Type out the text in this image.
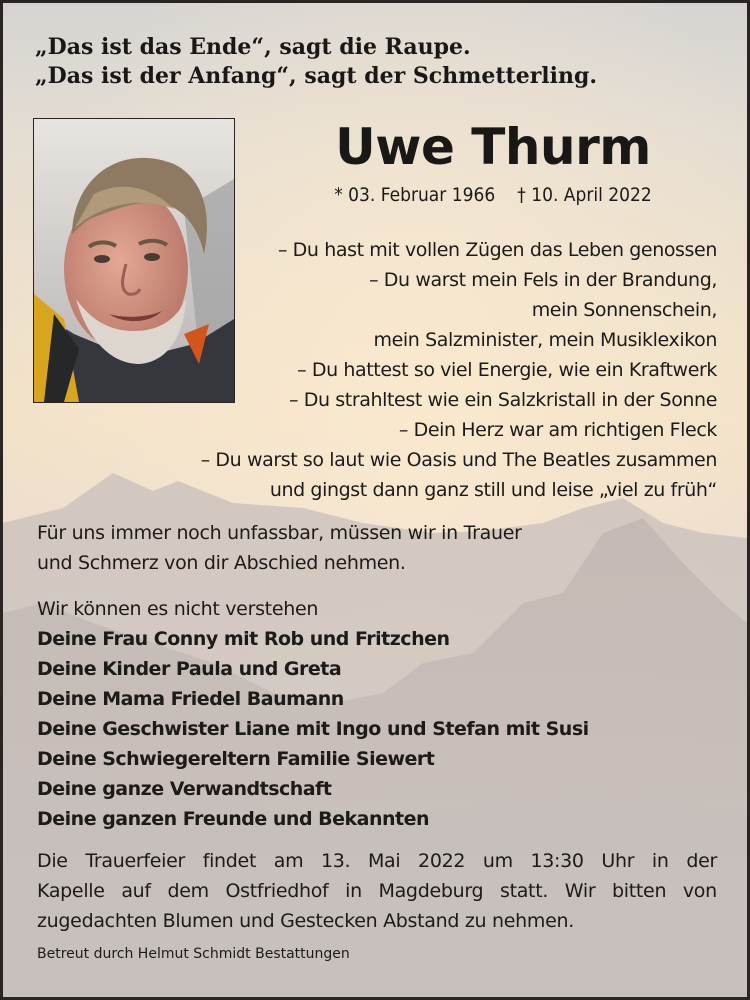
„Das ist das Ende“, sagt die Raupe.
„Das ist der Anfang“, sagt der Schmetterling.
Uwe Thurm
* 03. Februar 1966 † 10. April 2022
– Du hast mit vollen Zügen das Leben genossen
– Du warst mein Fels in der Brandung,
mein Sonnenschein,
mein Salzminister, mein Musiklexikon
– Du hattest so viel Energie, wie ein Kraftwerk
– Du strahltest wie ein Salzkristall in der Sonne
– Dein Herz war am richtigen Fleck
– Du warst so laut wie Oasis und The Beatles zusammen
und gingst dann ganz still und leise „viel zu früh“
Für uns immer noch unfassbar, müssen wir in Trauer
und Schmerz von dir Abschied nehmen.
Wir können es nicht verstehen
Deine Frau Conny mit Rob und Fritzchen
Deine Kinder Paula und Greta
Deine Mama Friedel Baumann
Deine Geschwister Liane mit Ingo und Stefan mit Susi
Deine Schwiegereltern Familie Siewert
Deine ganze Verwandtschaft
Deine ganzen Freunde und Bekannten
Die Trauerfeier findet am 13. Mai 2022 um 13:30 Uhr in der
Kapelle auf dem Ostfriedhof in Magdeburg statt. Wir bitten von
zugedachten Blumen und Gestecken Abstand zu nehmen.
Betreut durch Helmut Schmidt Bestattungen
